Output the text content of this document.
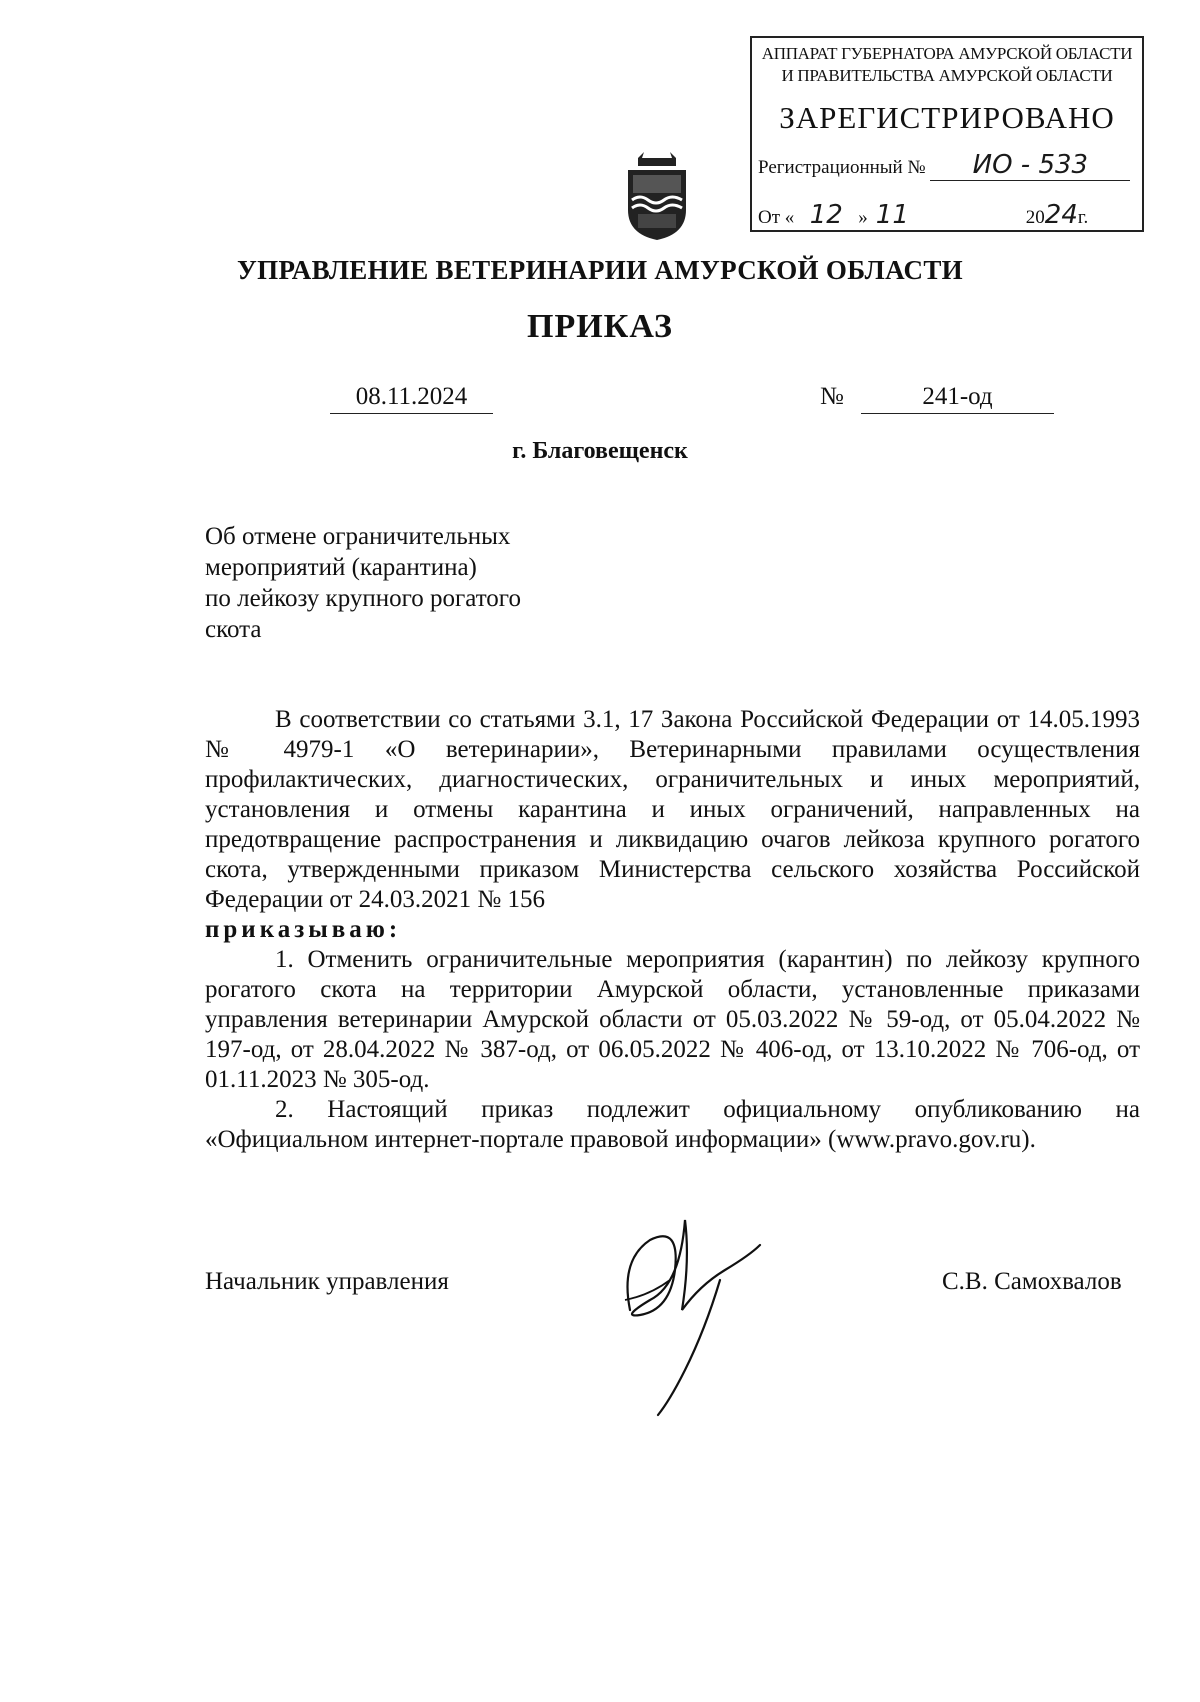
АППАРАТ ГУБЕРНАТОРА АМУРСКОЙ ОБЛАСТИ
И ПРАВИТЕЛЬСТВА АМУРСКОЙ ОБЛАСТИ
ЗАРЕГИСТРИРОВАНО
Регистрационный № ИО - 533
От « 12 » 11	2024г.
УПРАВЛЕНИЕ ВЕТЕРИНАРИИ АМУРСКОЙ ОБЛАСТИ
ПРИКАЗ
08.11.2024	№	241-од
г. Благовещенск
Об отмене ограничительных
мероприятий (карантина)
по лейкозу крупного рогатого
скота

В соответствии со статьями 3.1, 17 Закона Российской Федерации от 14.05.1993 № 4979-1 «О ветеринарии», Ветеринарными правилами осуществления профилактических, диагностических, ограничительных и иных мероприятий, установления и отмены карантина и иных ограничений, направленных на предотвращение распространения и ликвидацию очагов лейкоза крупного рогатого скота, утвержденными приказом Министерства сельского хозяйства Российской Федерации от 24.03.2021 № 156

приказываю:

1. Отменить ограничительные мероприятия (карантин) по лейкозу крупного рогатого скота на территории Амурской области, установленные приказами управления ветеринарии Амурской области от 05.03.2022 № 59-од, от 05.04.2022 № 197-од, от 28.04.2022 № 387-од, от 06.05.2022 № 406-од, от 13.10.2022 № 706-од, от 01.11.2023 № 305-од.

2. Настоящий приказ подлежит официальному опубликованию на «Официальном интернет-портале правовой информации» (www.pravo.gov.ru).

Начальник управления	С.В. Самохвалов
